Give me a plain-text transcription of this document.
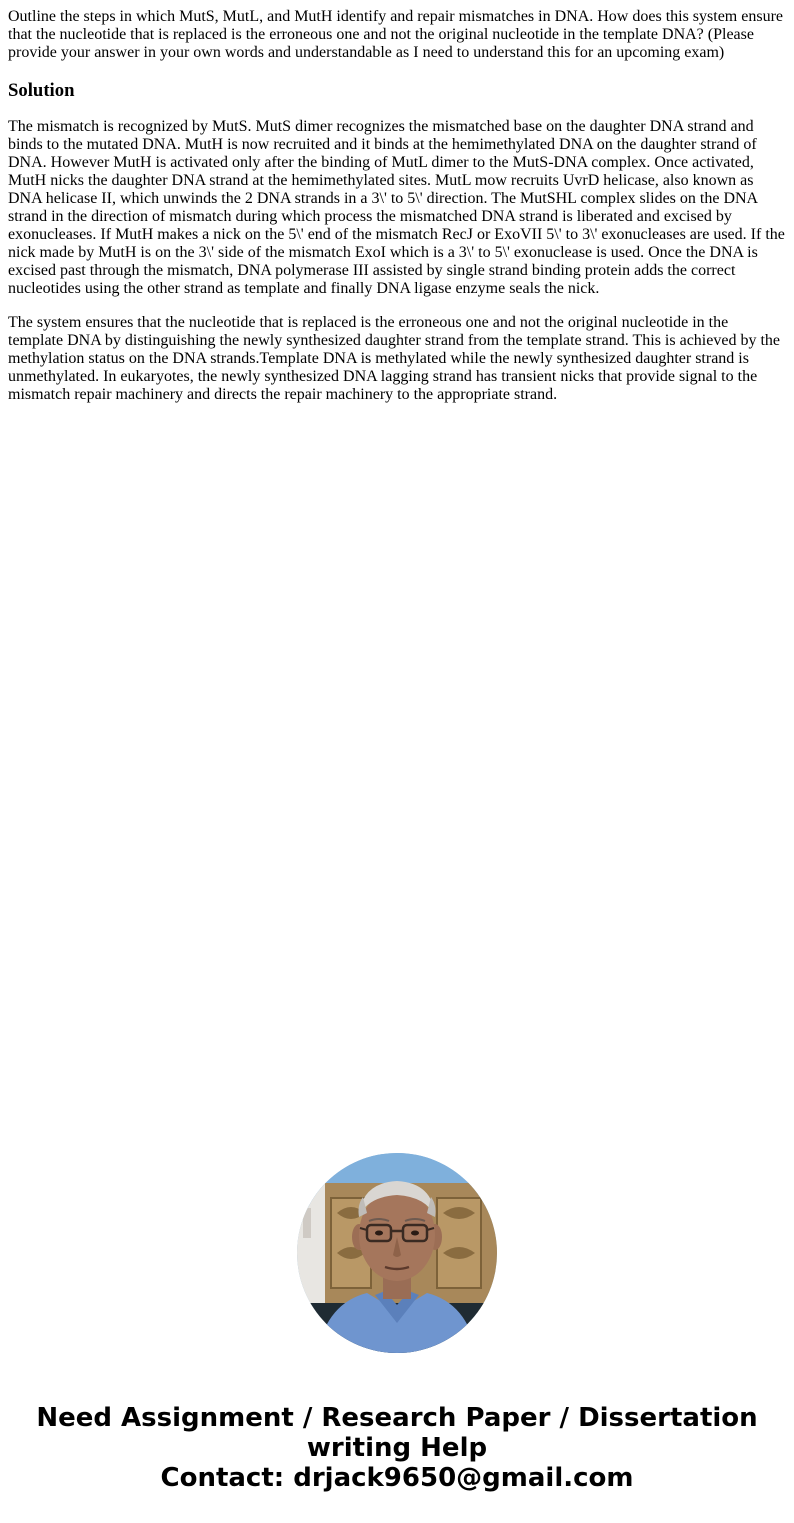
Outline the steps in which MutS, MutL, and MutH identify and repair mismatches in DNA. How does this system ensure that the nucleotide that is replaced is the erroneous one and not the original nucleotide in the template DNA? (Please provide your answer in your own words and understandable as I need to understand this for an upcoming exam)

Solution

The mismatch is recognized by MutS. MutS dimer recognizes the mismatched base on the daughter DNA strand and binds to the mutated DNA. MutH is now recruited and it binds at the hemimethylated DNA on the daughter strand of DNA. However MutH is activated only after the binding of MutL dimer to the MutS-DNA complex. Once activated, MutH nicks the daughter DNA strand at the hemimethylated sites. MutL mow recruits UvrD helicase, also known as DNA helicase II, which unwinds the 2 DNA strands in a 3\' to 5\' direction. The MutSHL complex slides on the DNA strand in the direction of mismatch during which process the mismatched DNA strand is liberated and excised by exonucleases. If MutH makes a nick on the 5\' end of the mismatch RecJ or ExoVII 5\' to 3\' exonucleases are used. If the nick made by MutH is on the 3\' side of the mismatch ExoI which is a 3\' to 5\' exonuclease is used. Once the DNA is excised past through the mismatch, DNA polymerase III assisted by single strand binding protein adds the correct nucleotides using the other strand as template and finally DNA ligase enzyme seals the nick.

The system ensures that the nucleotide that is replaced is the erroneous one and not the original nucleotide in the template DNA by distinguishing the newly synthesized daughter strand from the template strand. This is achieved by the methylation status on the DNA strands.Template DNA is methylated while the newly synthesized daughter strand is unmethylated. In eukaryotes, the newly synthesized DNA lagging strand has transient nicks that provide signal to the mismatch repair machinery and directs the repair machinery to the appropriate strand.

Need Assignment / Research Paper / Dissertation writing Help
Contact: drjack9650@gmail.com
